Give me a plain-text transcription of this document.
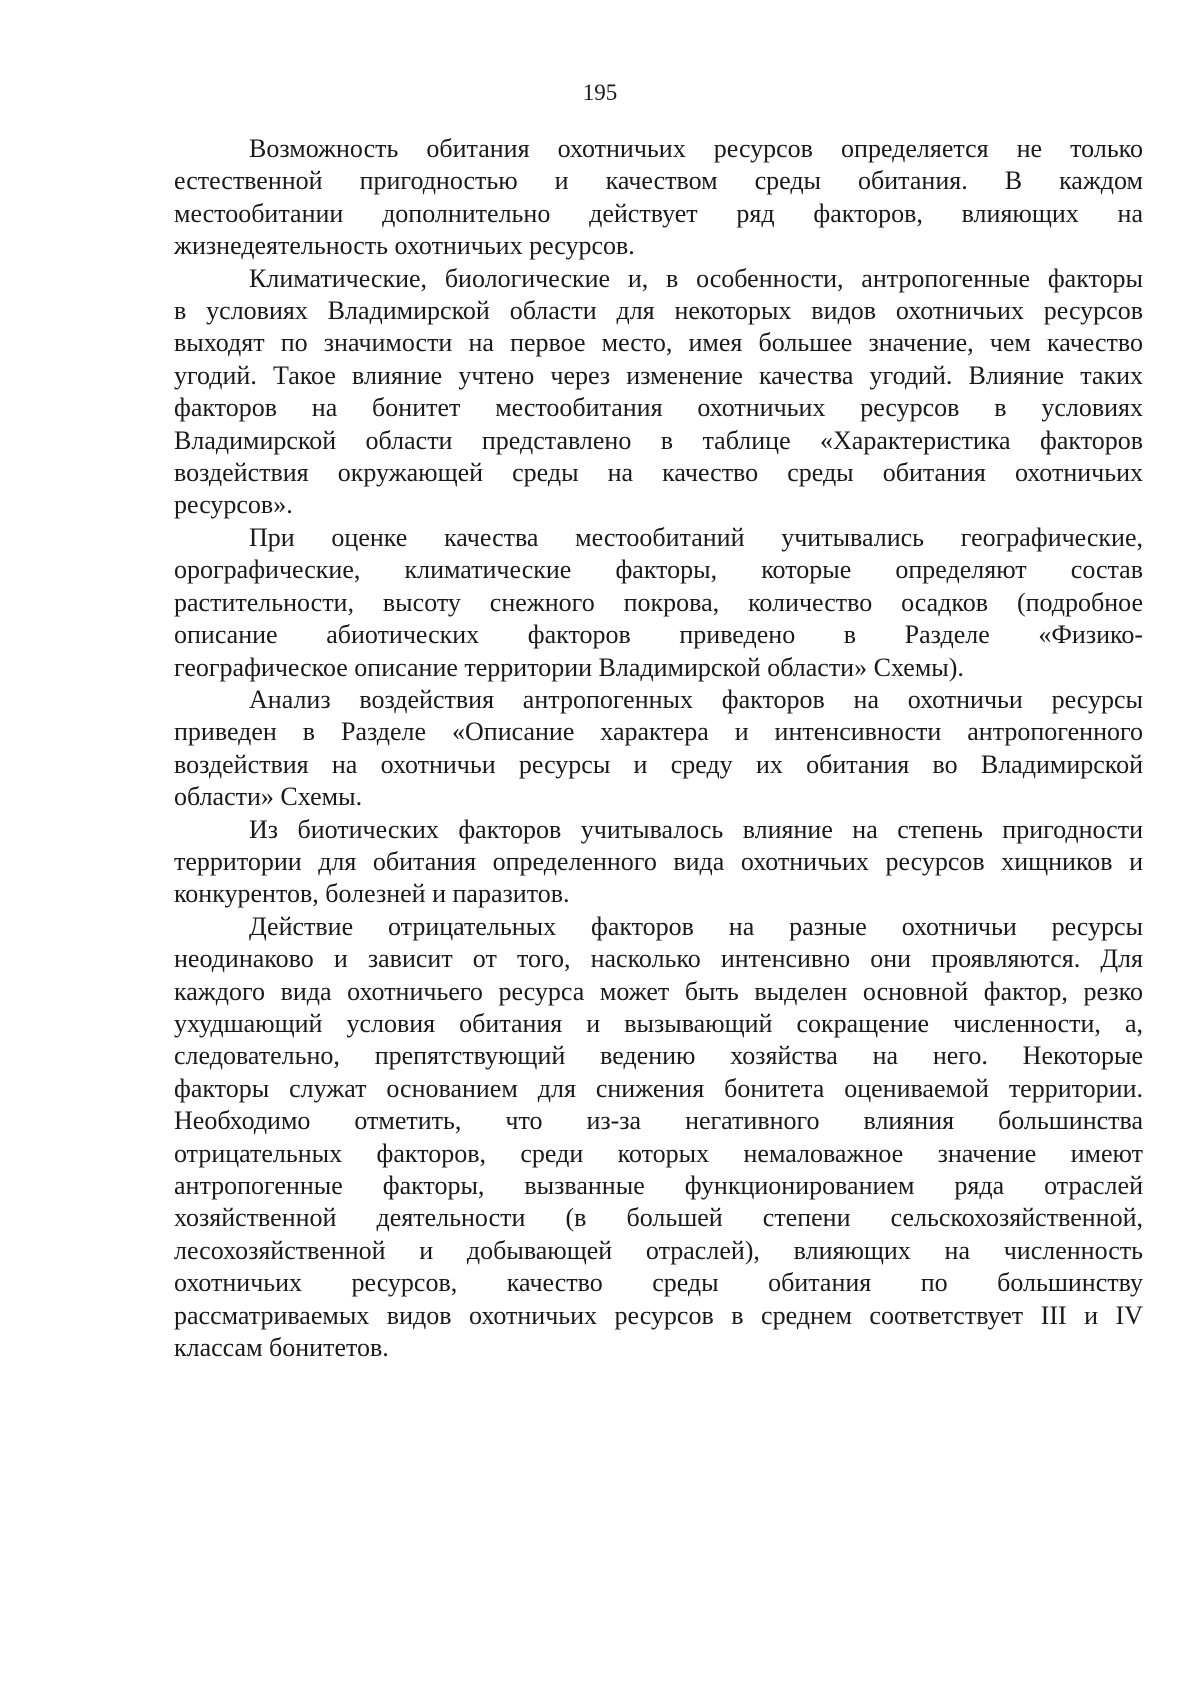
195

Возможность обитания охотничьих ресурсов определяется не только
естественной пригодностью и качеством среды обитания. В каждом
местообитании дополнительно действует ряд факторов, влияющих на
жизнедеятельность охотничьих ресурсов.

Климатические, биологические и, в особенности, антропогенные факторы
в условиях Владимирской области для некоторых видов охотничьих ресурсов
выходят по значимости на первое место, имея большее значение, чем качество
угодий. Такое влияние учтено через изменение качества угодий. Влияние таких
факторов на бонитет местообитания охотничьих ресурсов в условиях
Владимирской области представлено в таблице «Характеристика факторов
воздействия окружающей среды на качество среды обитания охотничьих
ресурсов».

При оценке качества местообитаний учитывались географические,
орографические, климатические факторы, которые определяют состав
растительности, высоту снежного покрова, количество осадков (подробное
описание абиотических факторов приведено в Разделе «Физико-
географическое описание территории Владимирской области» Схемы).

Анализ воздействия антропогенных факторов на охотничьи ресурсы
приведен в Разделе «Описание характера и интенсивности антропогенного
воздействия на охотничьи ресурсы и среду их обитания во Владимирской
области» Схемы.

Из биотических факторов учитывалось влияние на степень пригодности
территории для обитания определенного вида охотничьих ресурсов хищников и
конкурентов, болезней и паразитов.

Действие отрицательных факторов на разные охотничьи ресурсы
неодинаково и зависит от того, насколько интенсивно они проявляются. Для
каждого вида охотничьего ресурса может быть выделен основной фактор, резко
ухудшающий условия обитания и вызывающий сокращение численности, а,
следовательно, препятствующий ведению хозяйства на него. Некоторые
факторы служат основанием для снижения бонитета оцениваемой территории.
Необходимо отметить, что из-за негативного влияния большинства
отрицательных факторов, среди которых немаловажное значение имеют
антропогенные факторы, вызванные функционированием ряда отраслей
хозяйственной деятельности (в большей степени сельскохозяйственной,
лесохозяйственной и добывающей отраслей), влияющих на численность
охотничьих ресурсов, качество среды обитания по большинству
рассматриваемых видов охотничьих ресурсов в среднем соответствует III и IV
классам бонитетов.
